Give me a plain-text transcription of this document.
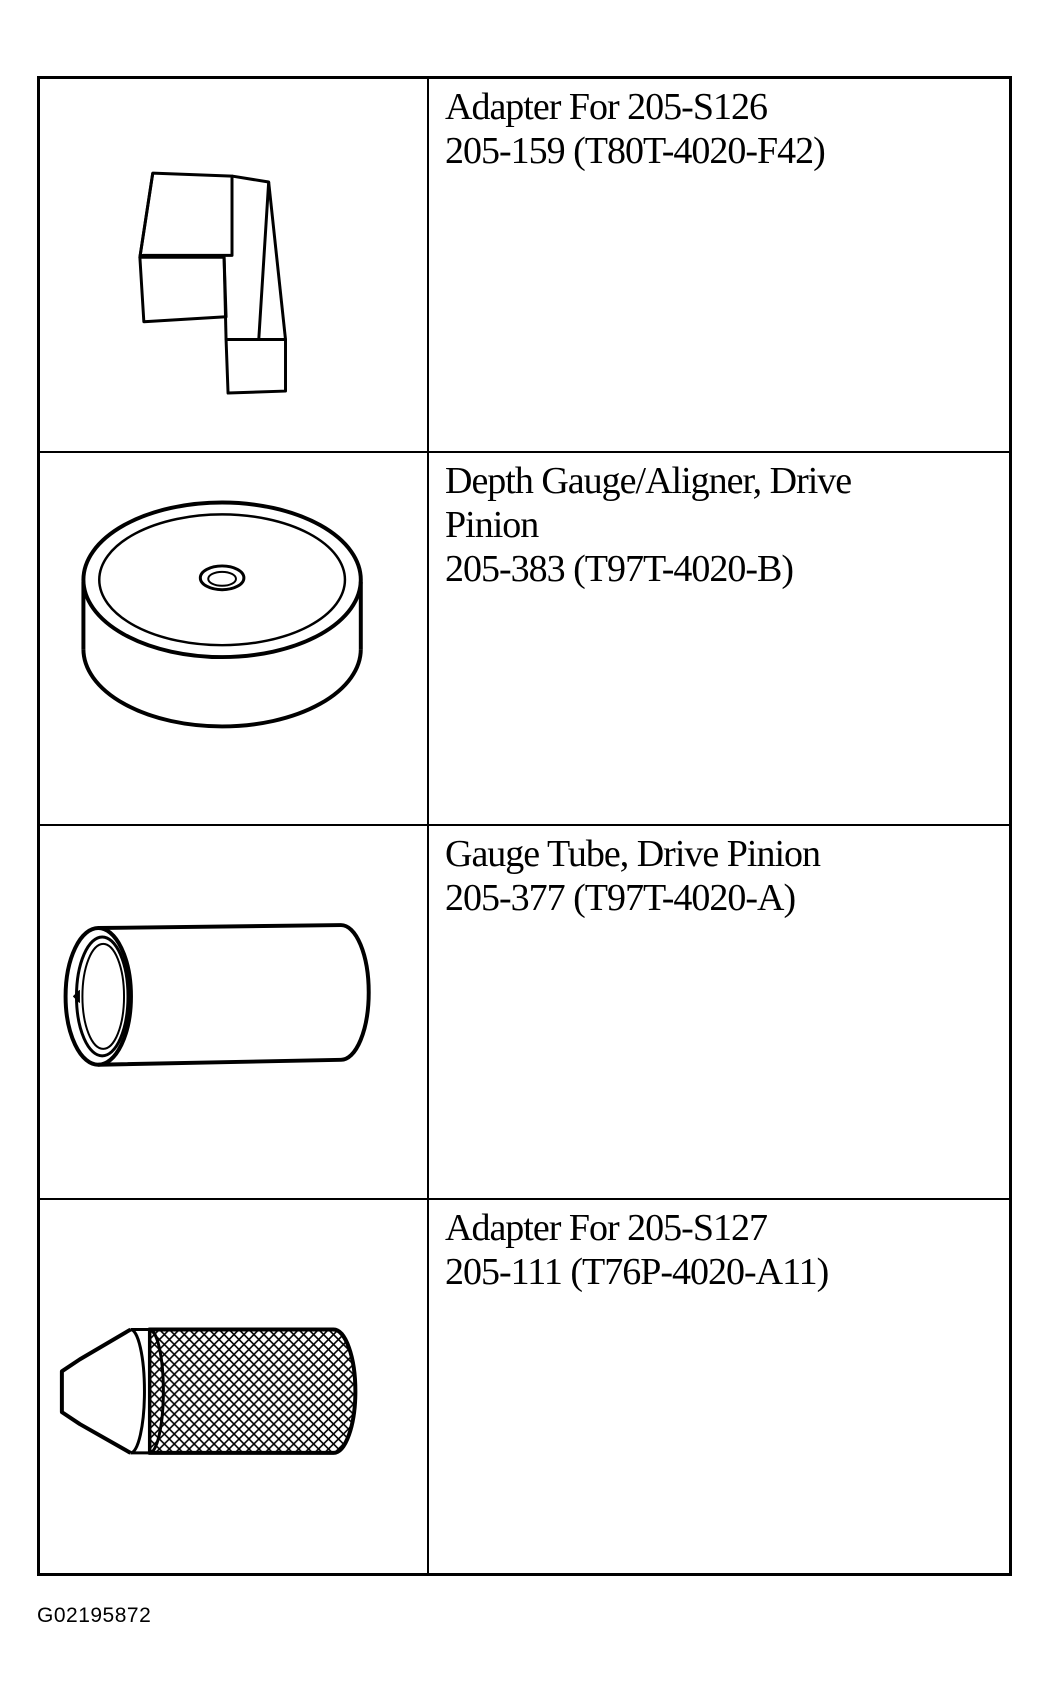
Adapter For 205-S126
205-159 (T80T-4020-F42)
Depth Gauge/Aligner, Drive
Pinion
205-383 (T97T-4020-B)
Gauge Tube, Drive Pinion
205-377 (T97T-4020-A)
Adapter For 205-S127
205-111 (T76P-4020-A11)
G02195872
